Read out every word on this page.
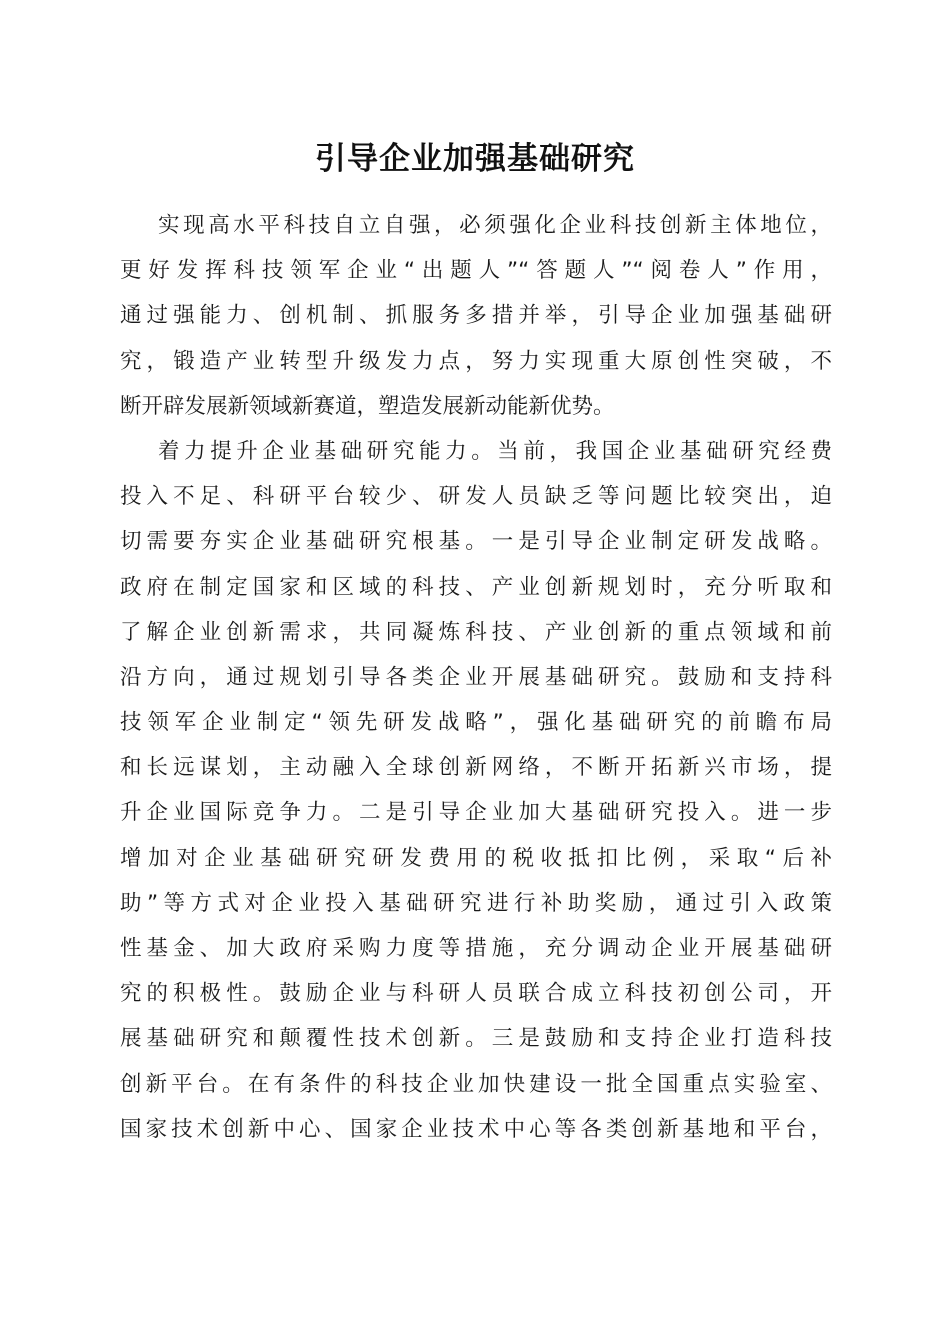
引导企业加强基础研究
实现高水平科技自立自强，必须强化企业科技创新主体地位，
更好发挥科技领军企业“出题人”“答题人”“阅卷人”作用，
通过强能力、创机制、抓服务多措并举，引导企业加强基础研
究，锻造产业转型升级发力点，努力实现重大原创性突破，不
断开辟发展新领域新赛道，塑造发展新动能新优势。
着力提升企业基础研究能力。当前，我国企业基础研究经费
投入不足、科研平台较少、研发人员缺乏等问题比较突出，迫
切需要夯实企业基础研究根基。一是引导企业制定研发战略。
政府在制定国家和区域的科技、产业创新规划时，充分听取和
了解企业创新需求，共同凝炼科技、产业创新的重点领域和前
沿方向，通过规划引导各类企业开展基础研究。鼓励和支持科
技领军企业制定“领先研发战略”，强化基础研究的前瞻布局
和长远谋划，主动融入全球创新网络，不断开拓新兴市场，提
升企业国际竞争力。二是引导企业加大基础研究投入。进一步
增加对企业基础研究研发费用的税收抵扣比例，采取“后补
助”等方式对企业投入基础研究进行补助奖励，通过引入政策
性基金、加大政府采购力度等措施，充分调动企业开展基础研
究的积极性。鼓励企业与科研人员联合成立科技初创公司，开
展基础研究和颠覆性技术创新。三是鼓励和支持企业打造科技
创新平台。在有条件的科技企业加快建设一批全国重点实验室、
国家技术创新中心、国家企业技术中心等各类创新基地和平台，
